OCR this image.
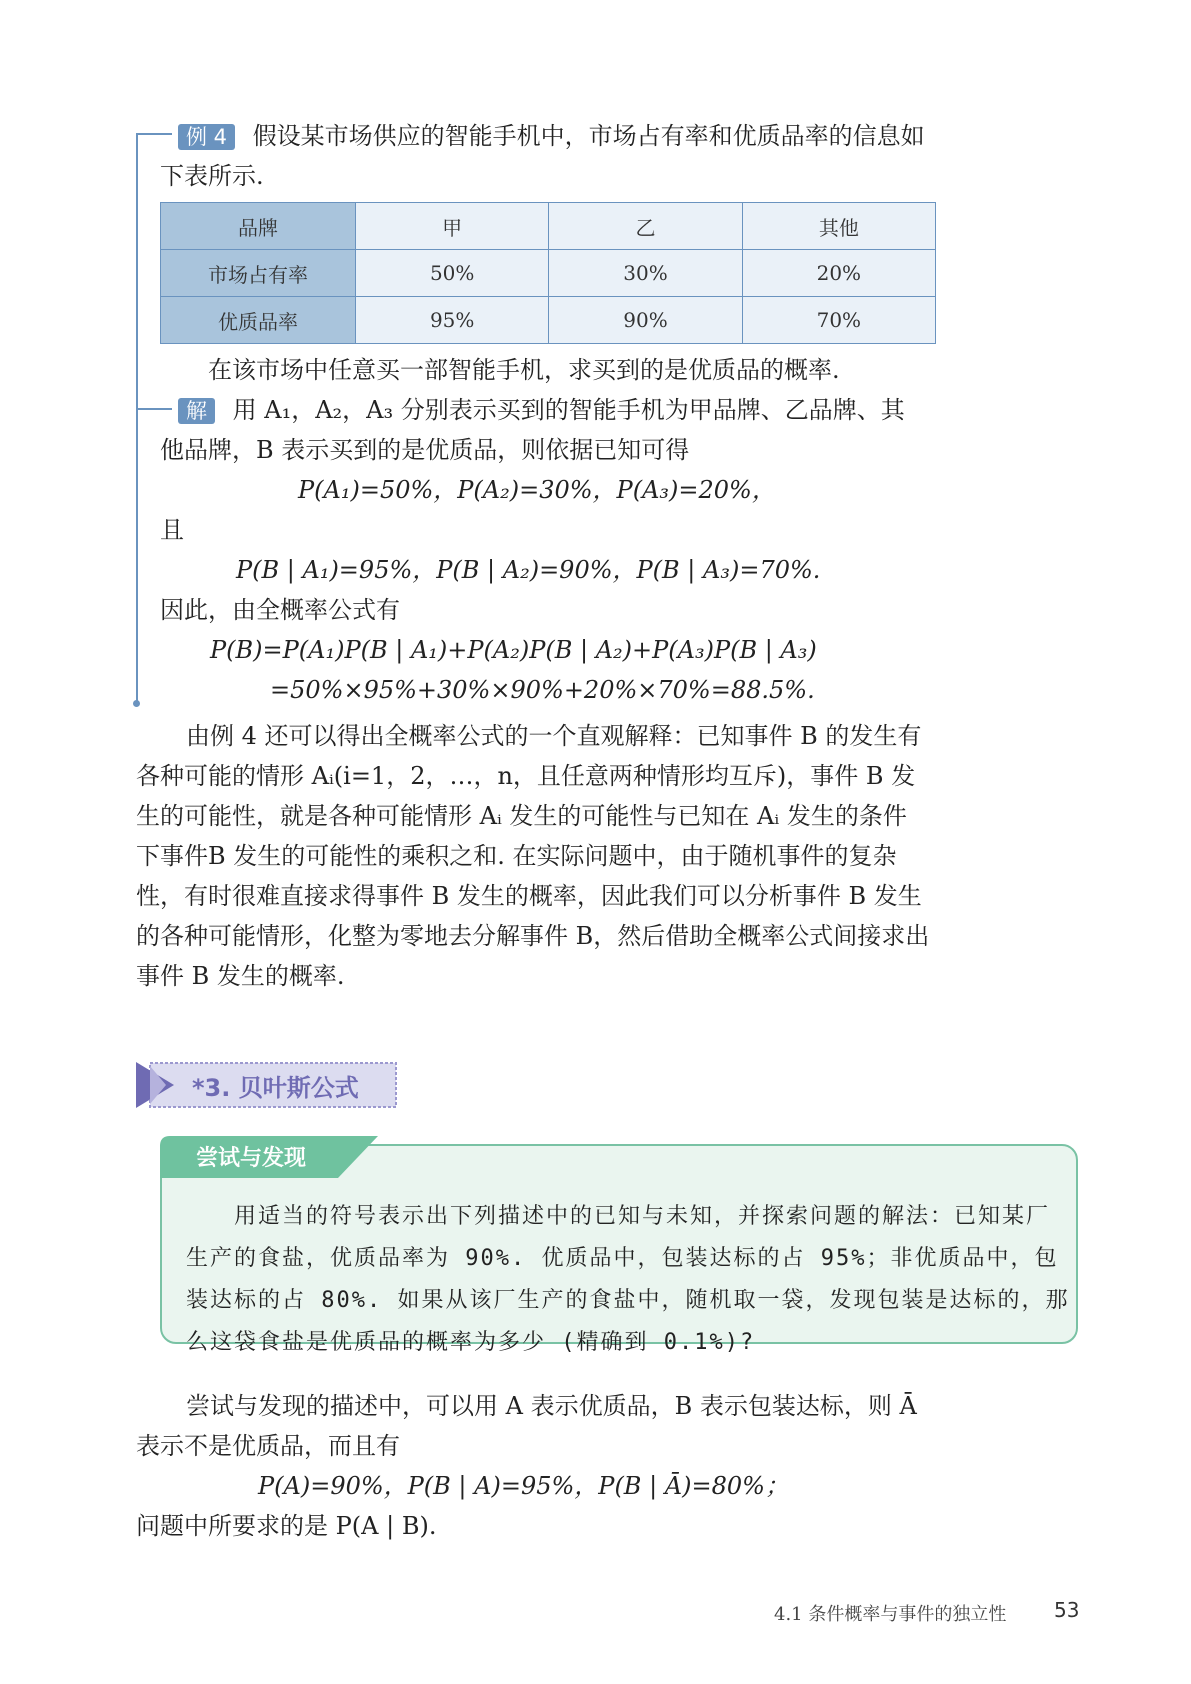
例 4 假设某市场供应的智能手机中，市场占有率和优质品率的信息如
下表所示.
品牌	甲	乙	其他
市场占有率	50%	30%	20%
优质品率	95%	90%	70%
在该市场中任意买一部智能手机，求买到的是优质品的概率.
解 用 A₁，A₂，A₃ 分别表示买到的智能手机为甲品牌、乙品牌、其
他品牌，B 表示买到的是优质品，则依据已知可得
P(A₁)=50%，P(A₂)=30%，P(A₃)=20%，
且
P(B | A₁)=95%，P(B | A₂)=90%，P(B | A₃)=70%.
因此，由全概率公式有
P(B)=P(A₁)P(B | A₁)+P(A₂)P(B | A₂)+P(A₃)P(B | A₃)
=50%×95%+30%×90%+20%×70%=88.5%.
由例 4 还可以得出全概率公式的一个直观解释：已知事件 B 的发生有
各种可能的情形 Aᵢ(i=1，2，…，n，且任意两种情形均互斥)，事件 B 发
生的可能性，就是各种可能情形 Aᵢ 发生的可能性与已知在 Aᵢ 发生的条件
下事件B 发生的可能性的乘积之和. 在实际问题中，由于随机事件的复杂
性，有时很难直接求得事件 B 发生的概率，因此我们可以分析事件 B 发生
的各种可能情形，化整为零地去分解事件 B，然后借助全概率公式间接求出
事件 B 发生的概率.
*3. 贝叶斯公式
尝试与发现
用适当的符号表示出下列描述中的已知与未知，并探索问题的解法：已知某厂
生产的食盐，优质品率为 90%. 优质品中，包装达标的占 95%；非优质品中，包
装达标的占 80%. 如果从该厂生产的食盐中，随机取一袋，发现包装是达标的，那
么这袋食盐是优质品的概率为多少 (精确到 0.1%)?
尝试与发现的描述中，可以用 A 表示优质品，B 表示包装达标，则 Ā
表示不是优质品，而且有
P(A)=90%，P(B | A)=95%，P(B | Ā)=80%；
问题中所要求的是 P(A | B).
4.1 条件概率与事件的独立性 53
